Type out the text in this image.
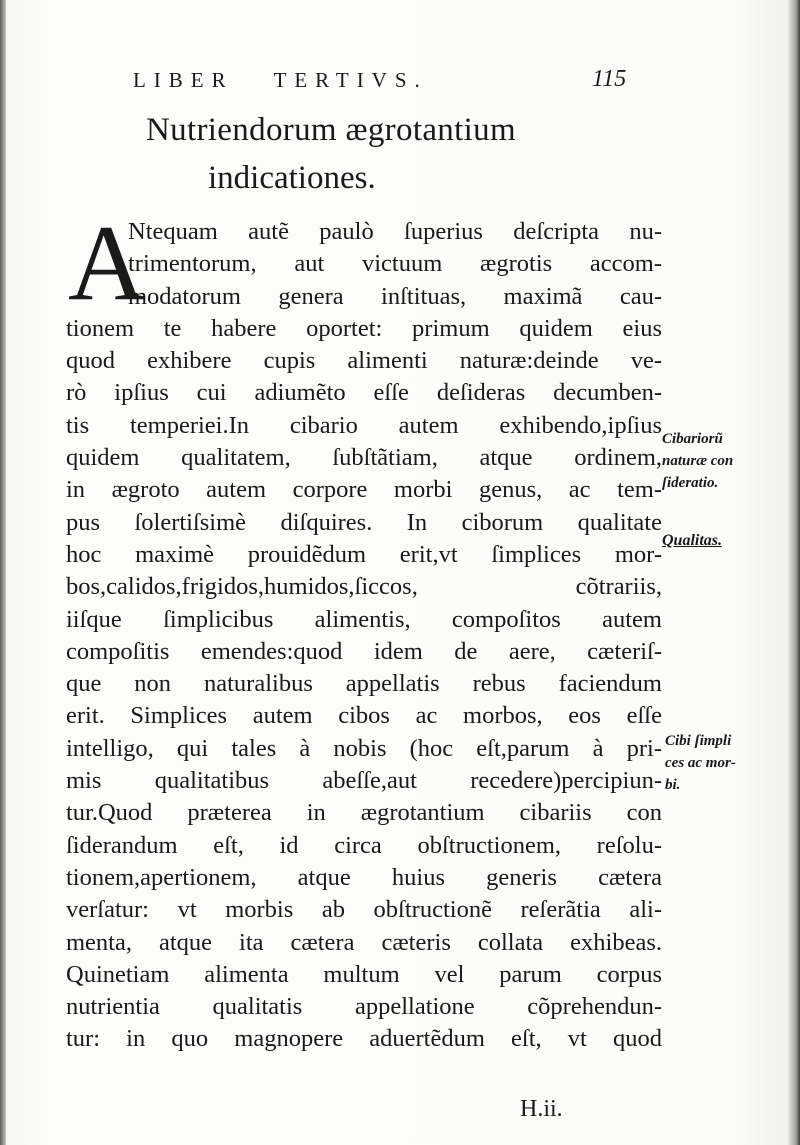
LIBER TERTIVS.	115
Nutriendorum ægrotantium
indicationes.
A
Ntequam autẽ paulò ſuperius deſcripta nu-
trimentorum, aut victuum ægrotis accom-
modatorum genera inſtituas, maximã cau-
tionem te habere oportet: primum quidem eius
quod exhibere cupis alimenti naturæ:deinde ve-
rò ipſius cui adiumẽto eſſe deſideras decumben-
tis temperiei.In cibario autem exhibendo,ipſius
quidem qualitatem, ſubſtãtiam, atque ordinem,
in ægroto autem corpore morbi genus, ac tem-
pus ſolertiſsimè diſquires. In ciborum qualitate
hoc maximè prouidẽdum erit,vt ſimplices mor-
bos,calidos,frigidos,humidos,ſiccos, cõtrariis,
iiſque ſimplicibus alimentis, compoſitos autem
compoſitis emendes:quod idem de aere, cæteriſ-
que non naturalibus appellatis rebus faciendum
erit. Simplices autem cibos ac morbos, eos eſſe
intelligo, qui tales à nobis (hoc eſt,parum à pri-
mis qualitatibus abeſſe,aut recedere)percipiun-
tur.Quod præterea in ægrotantium cibariis con
ſiderandum eſt, id circa obſtructionem, reſolu-
tionem,apertionem, atque huius generis cætera
verſatur: vt morbis ab obſtructionẽ reſerãtia ali-
menta, atque ita cætera cæteris collata exhibeas.
Quinetiam alimenta multum vel parum corpus
nutrientia qualitatis appellatione cõprehendun-
tur: in quo magnopere aduertẽdum eſt, vt quod
Cibariorũ
naturæ con
ſideratio.
Qualitas.
Cibi ſimpli
ces ac mor-
bi.
H.ii.
